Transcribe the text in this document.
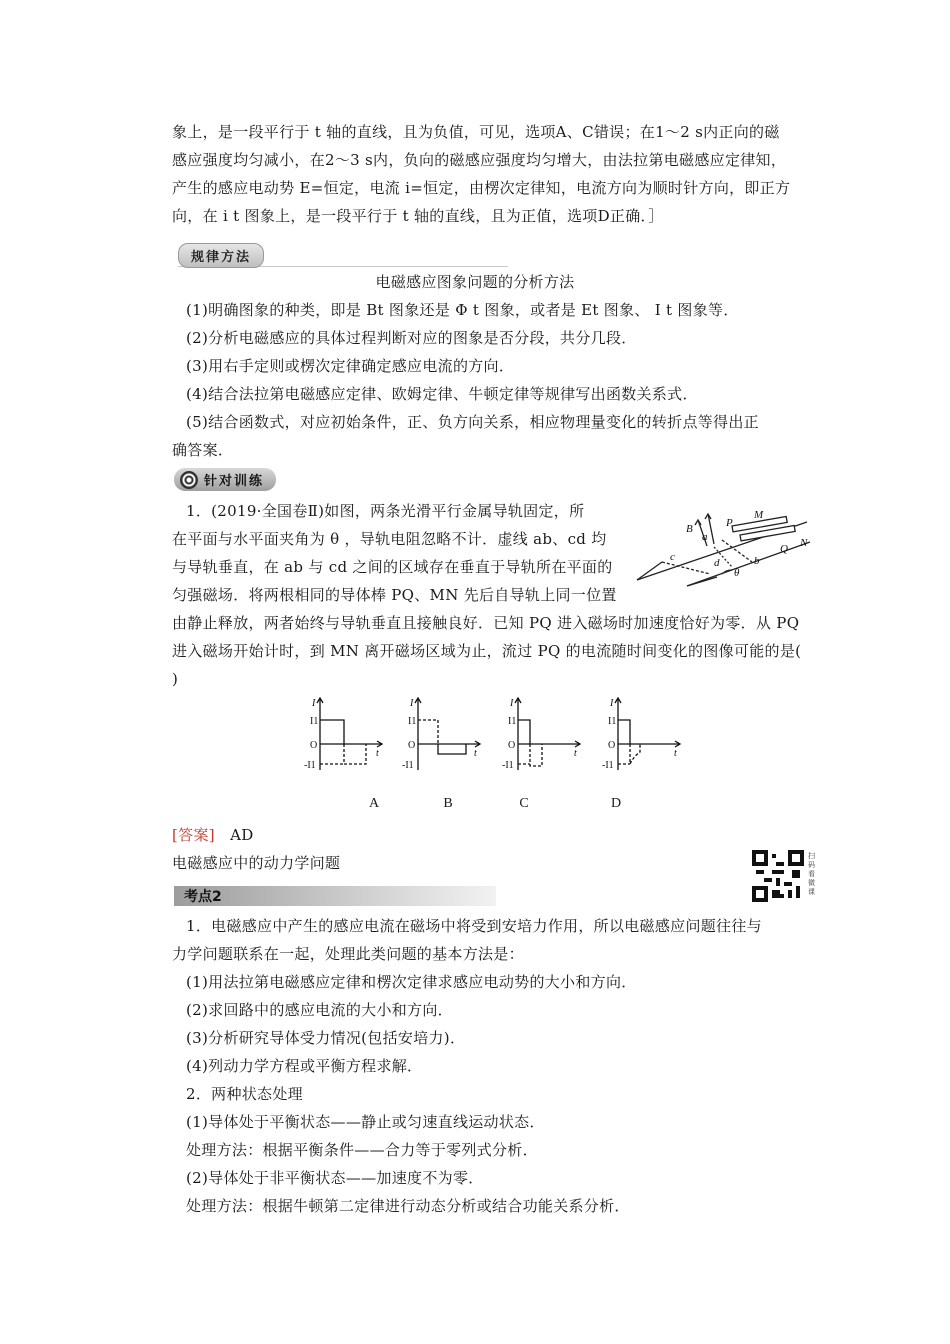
象上，是一段平行于 t 轴的直线，且为负值，可见，选项A、C错误；在1～2 s内正向的磁
感应强度均匀减小，在2～3 s内，负向的磁感应强度均匀增大，由法拉第电磁感应定律知，
产生的感应电动势 E=恒定，电流 i=恒定，由楞次定律知，电流方向为顺时针方向，即正方
向，在 i t 图象上，是一段平行于 t 轴的直线，且为正值，选项D正确．］
规律方法
电磁感应图象问题的分析方法
(1)明确图象的种类，即是 Bt 图象还是 Φ t 图象，或者是 Et 图象、 I t 图象等．
(2)分析电磁感应的具体过程判断对应的图象是否分段，共分几段．
(3)用右手定则或楞次定律确定感应电流的方向．
(4)结合法拉第电磁感应定律、欧姆定律、牛顿定律等规律写出函数关系式．
(5)结合函数式，对应初始条件，正、负方向关系，相应物理量变化的转折点等得出正
确答案．
针对训练
1．(2019·全国卷Ⅱ)如图，两条光滑平行金属导轨固定，所
在平面与水平面夹角为 θ ，导轨电阻忽略不计．虚线 ab、cd 均
与导轨垂直，在 ab 与 cd 之间的区域存在垂直于导轨所在平面的
匀强磁场．将两根相同的导体棒 PQ、MN 先后自导轨上同一位置
由静止释放，两者始终与导轨垂直且接触良好．已知 PQ 进入磁场时加速度恰好为零．从 PQ
进入磁场开始计时，到 MN 离开磁场区域为止，流过 PQ 的电流随时间变化的图像可能的是(
)
B
a
P
M
Q N
c	d	b
θ
I
I1
O
t
-I1
I
I1
O
t
-I1
I
I1
O
t
-I1
I
I1
O
t
-I1
A	B	C	D
[答案] AD
电磁感应中的动力学问题	扫码看微课
考点2
1．电磁感应中产生的感应电流在磁场中将受到安培力作用，所以电磁感应问题往往与
力学问题联系在一起，处理此类问题的基本方法是：
(1)用法拉第电磁感应定律和楞次定律求感应电动势的大小和方向．
(2)求回路中的感应电流的大小和方向．
(3)分析研究导体受力情况(包括安培力)．
(4)列动力学方程或平衡方程求解．
2．两种状态处理
(1)导体处于平衡状态——静止或匀速直线运动状态．
处理方法：根据平衡条件——合力等于零列式分析．
(2)导体处于非平衡状态——加速度不为零．
处理方法：根据牛顿第二定律进行动态分析或结合功能关系分析．
